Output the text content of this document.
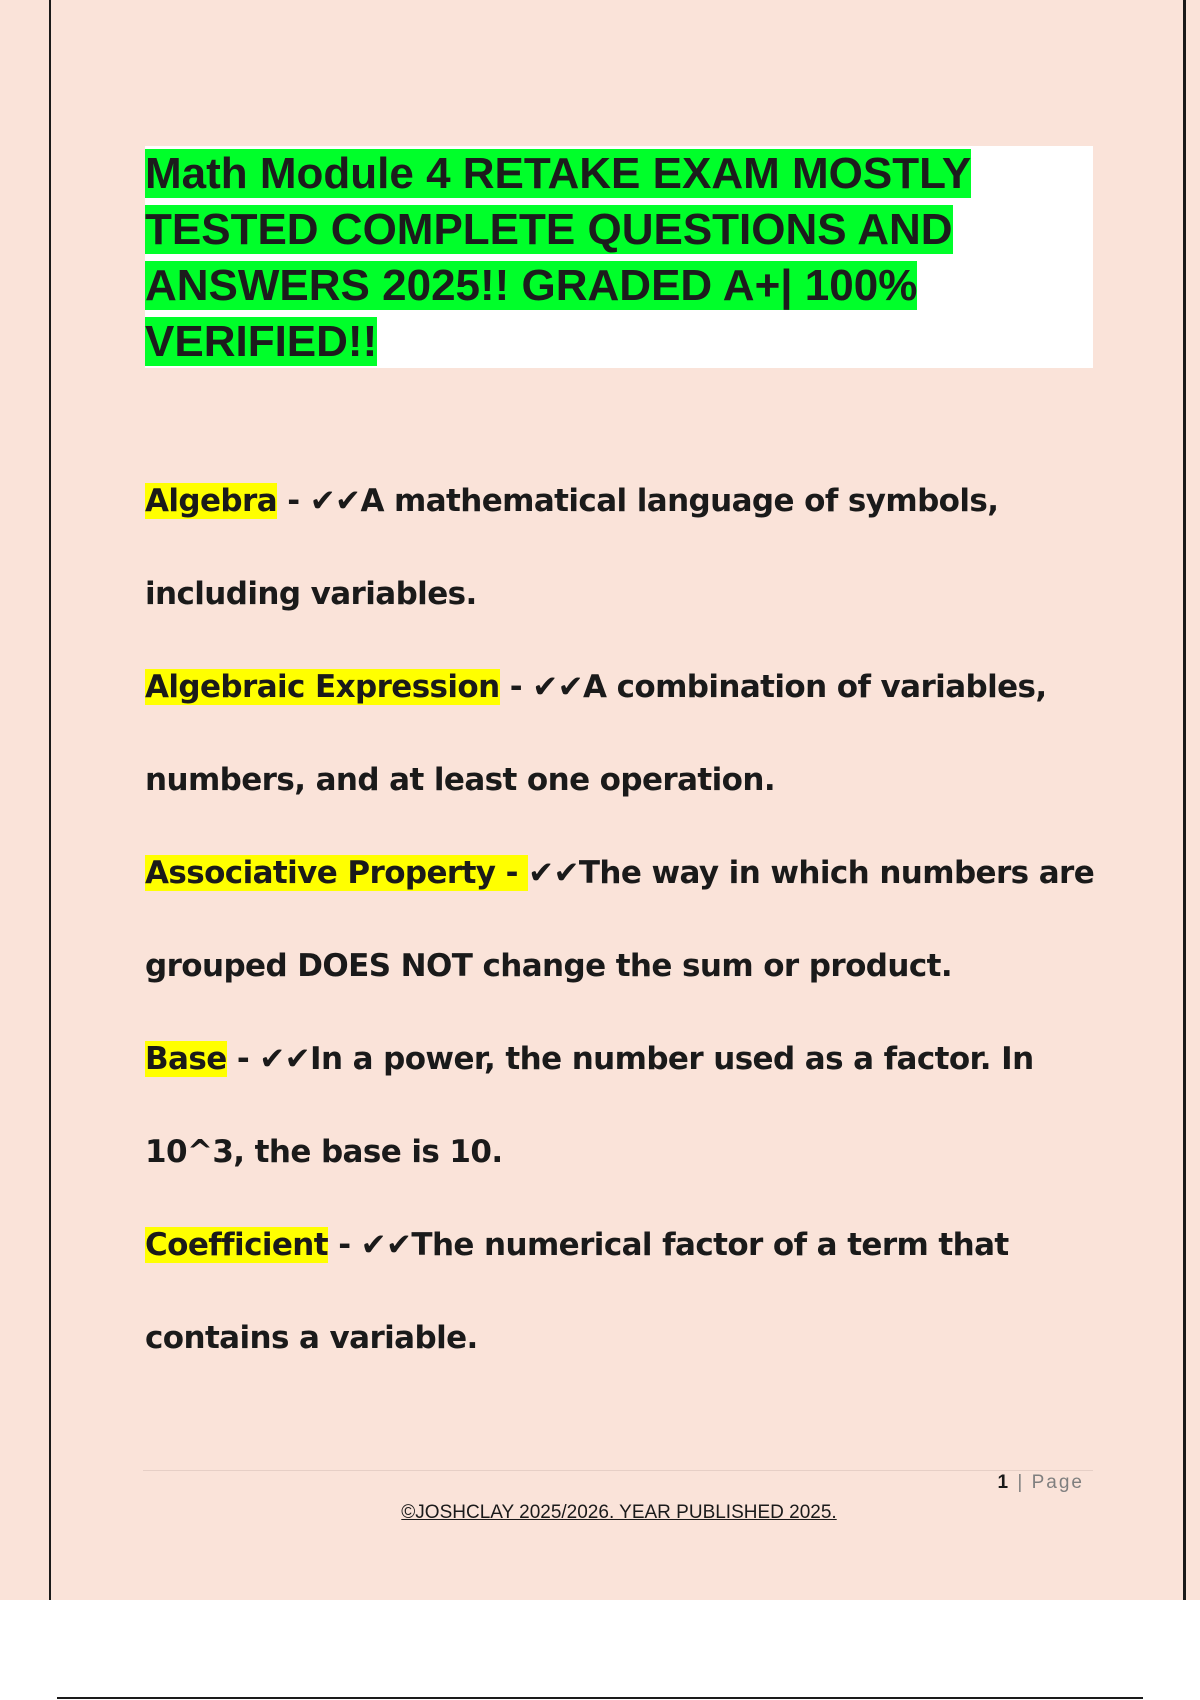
Math Module 4 RETAKE EXAM MOSTLY TESTED COMPLETE QUESTIONS AND ANSWERS 2025!! GRADED A+| 100% VERIFIED!!

Algebra - ✔✔A mathematical language of symbols, including variables.

Algebraic Expression - ✔✔A combination of variables, numbers, and at least one operation.

Associative Property - ✔✔The way in which numbers are grouped DOES NOT change the sum or product.

Base - ✔✔In a power, the number used as a factor. In 10^3, the base is 10.

Coefficient - ✔✔The numerical factor of a term that contains a variable.

1 | Page
©JOSHCLAY 2025/2026. YEAR PUBLISHED 2025.
